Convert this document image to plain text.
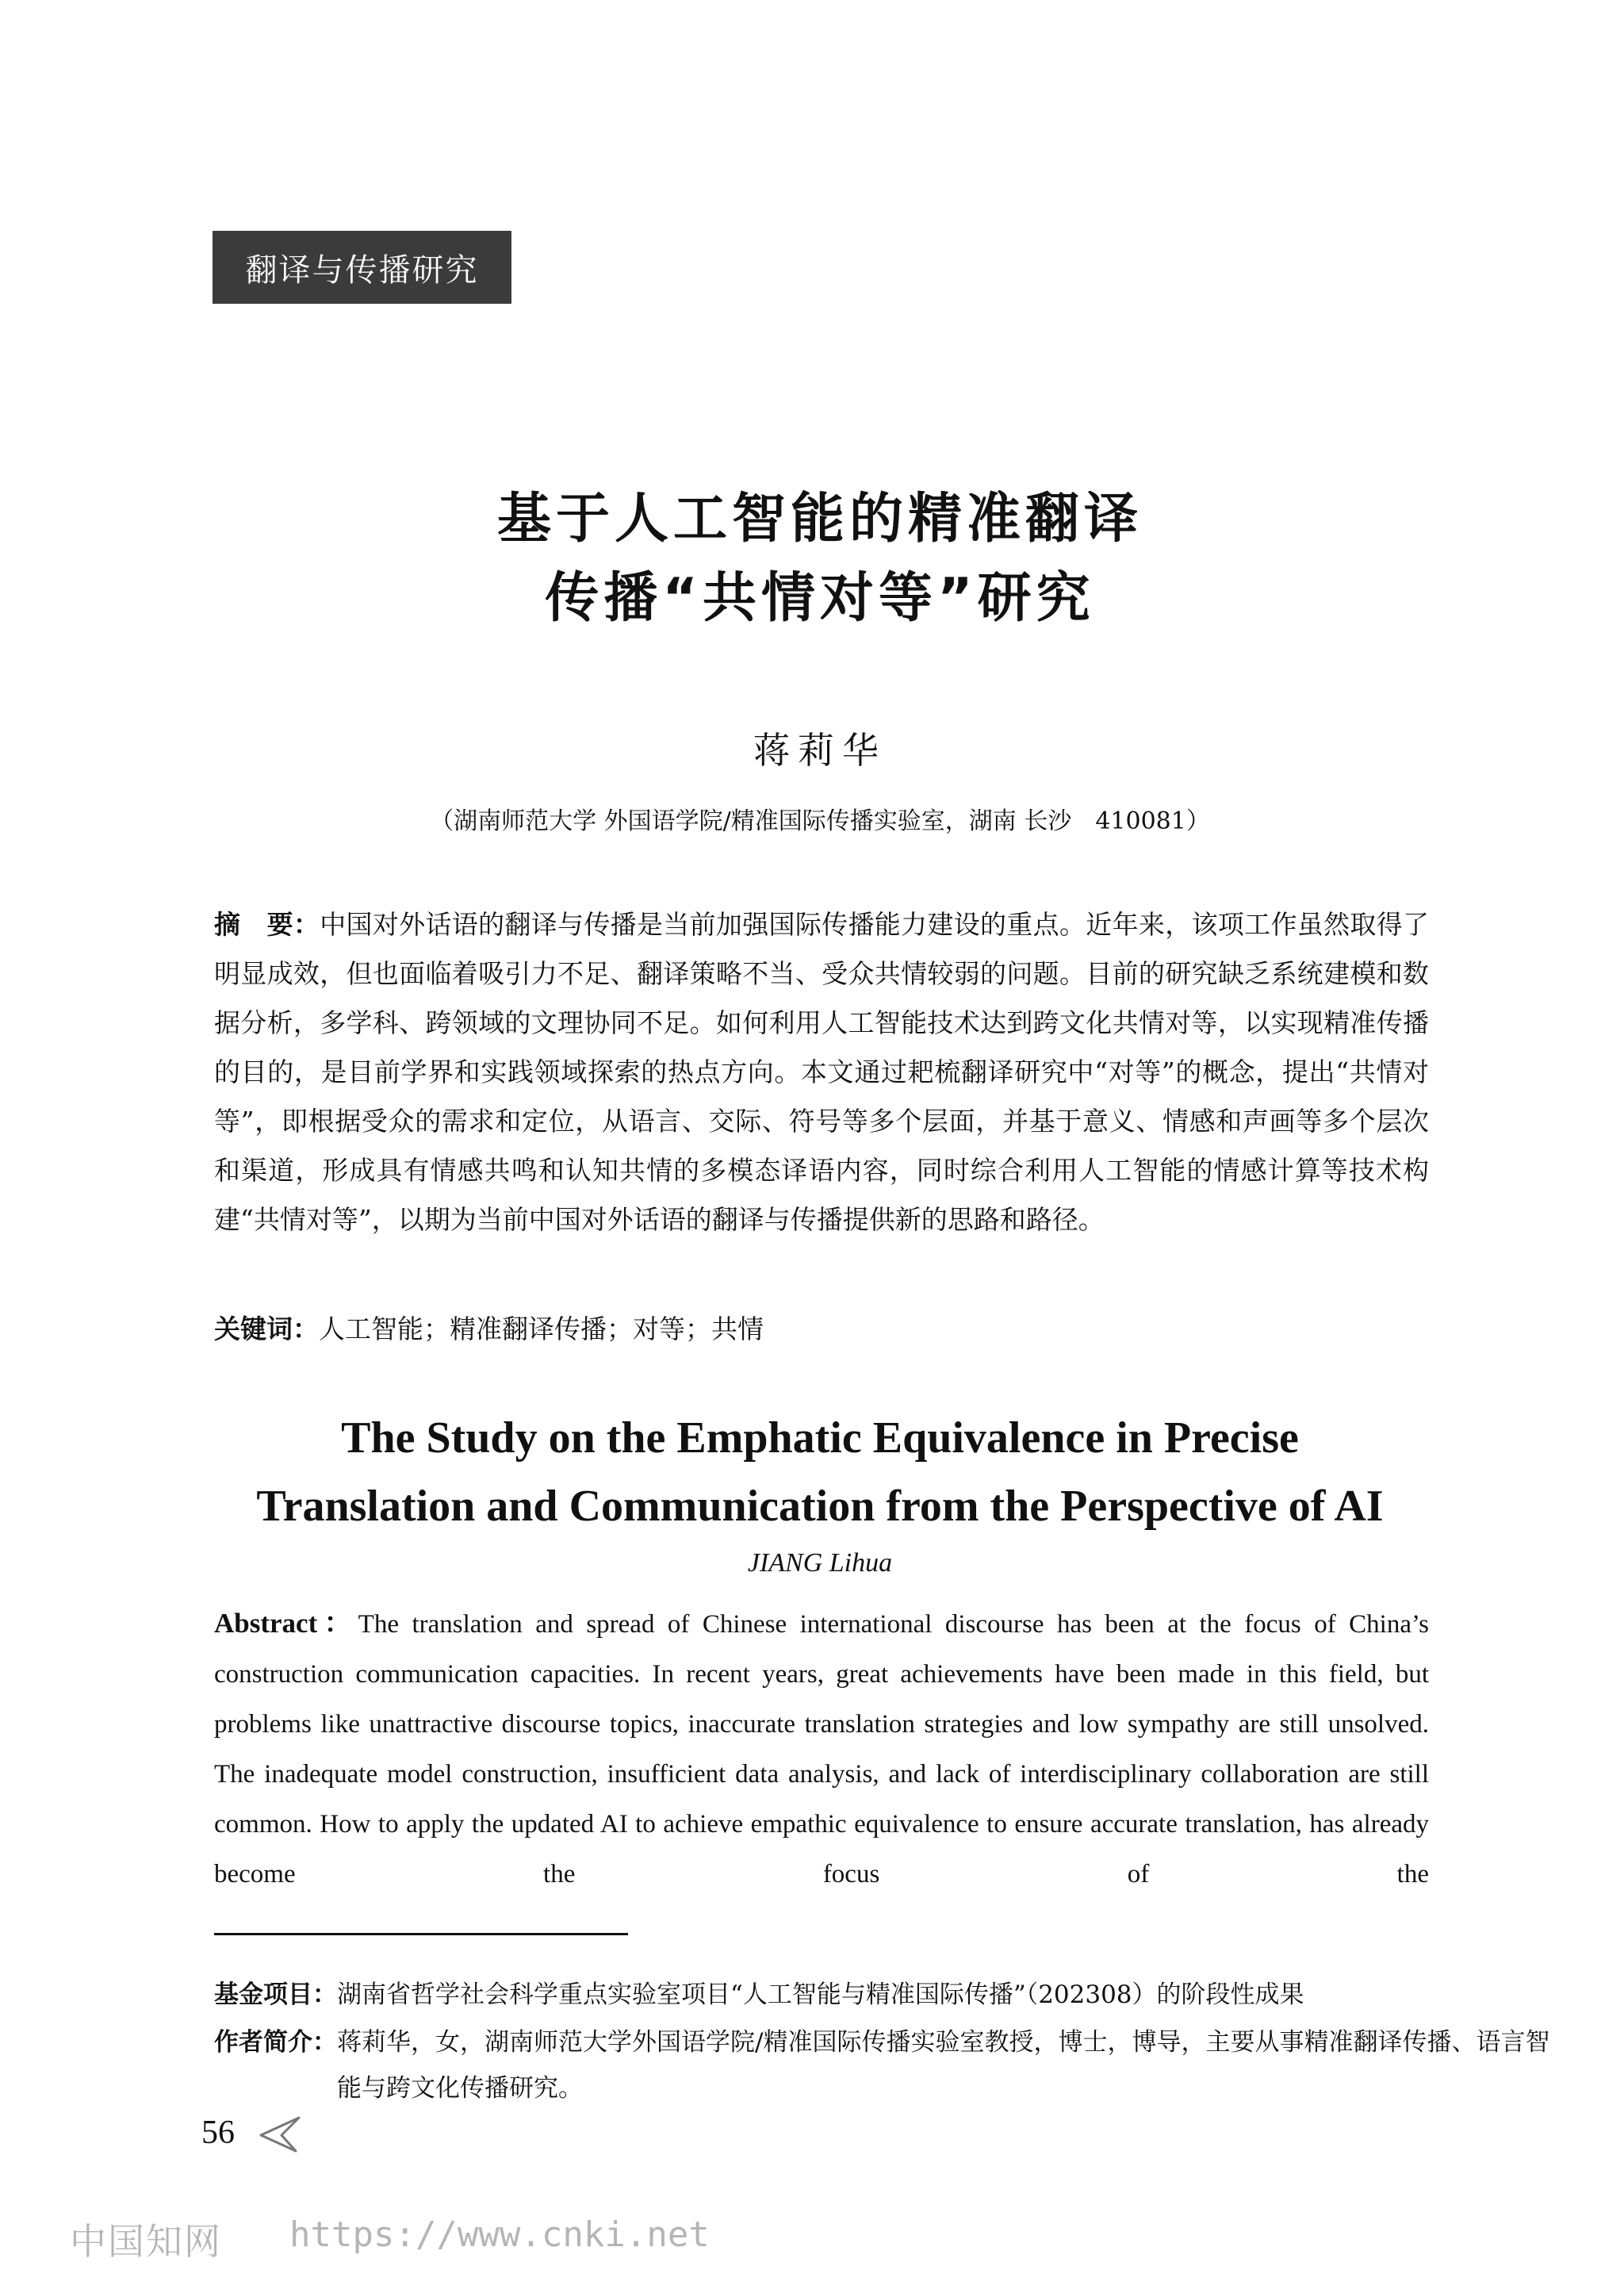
翻译与传播研究
基于人工智能的精准翻译
传播“共情对等”研究
蒋莉华
（湖南师范大学 外国语学院/精准国际传播实验室，湖南 长沙　410081）
摘　要：中国对外话语的翻译与传播是当前加强国际传播能力建设的重点。近年来，该项工作虽然取得了明显成效，但也面临着吸引力不足、翻译策略不当、受众共情较弱的问题。目前的研究缺乏系统建模和数据分析，多学科、跨领域的文理协同不足。如何利用人工智能技术达到跨文化共情对等，以实现精准传播的目的，是目前学界和实践领域探索的热点方向。本文通过耙梳翻译研究中“对等”的概念，提出“共情对等”，即根据受众的需求和定位，从语言、交际、符号等多个层面，并基于意义、情感和声画等多个层次和渠道，形成具有情感共鸣和认知共情的多模态译语内容，同时综合利用人工智能的情感计算等技术构建“共情对等”，以期为当前中国对外话语的翻译与传播提供新的思路和路径。
关键词：人工智能；精准翻译传播；对等；共情
The Study on the Emphatic Equivalence in Precise
Translation and Communication from the Perspective of AI
JIANG Lihua
Abstract：The translation and spread of Chinese international discourse has been at the focus of China’s construction communication capacities. In recent years, great achievements have been made in this field, but problems like unattractive discourse topics, inaccurate translation strategies and low sympathy are still unsolved. The inadequate model construction, insufficient data analysis, and lack of interdisciplinary collaboration are still common. How to apply the updated AI to achieve empathic equivalence to ensure accurate translation, has already become the focus of the
基金项目：湖南省哲学社会科学重点实验室项目“人工智能与精准国际传播”（202308）的阶段性成果
作者简介：蒋莉华，女，湖南师范大学外国语学院/精准国际传播实验室教授，博士，博导，主要从事精准翻译传播、语言智能与跨文化传播研究。
56
中国知网 https://www.cnki.net
